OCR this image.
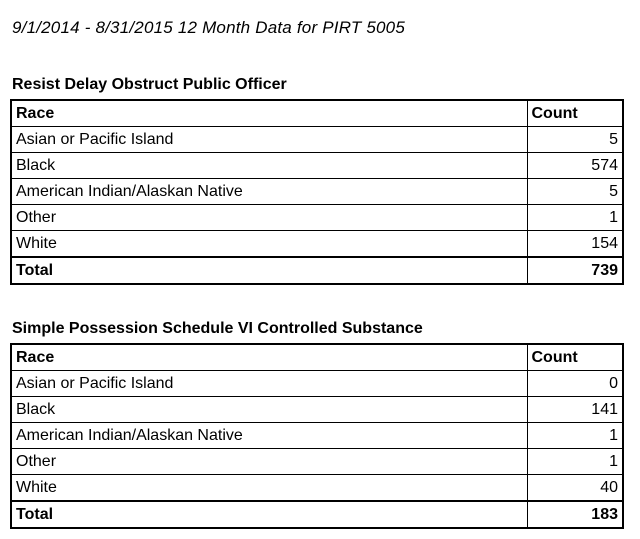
9/1/2014 - 8/31/2015 12 Month Data for PIRT 5005
Resist Delay Obstruct Public Officer
Race	Count
Asian or Pacific Island	5
Black	574
American Indian/Alaskan Native	5
Other	1
White	154
Total	739
Simple Possession Schedule VI Controlled Substance
Race	Count
Asian or Pacific Island	0
Black	141
American Indian/Alaskan Native	1
Other	1
White	40
Total	183
